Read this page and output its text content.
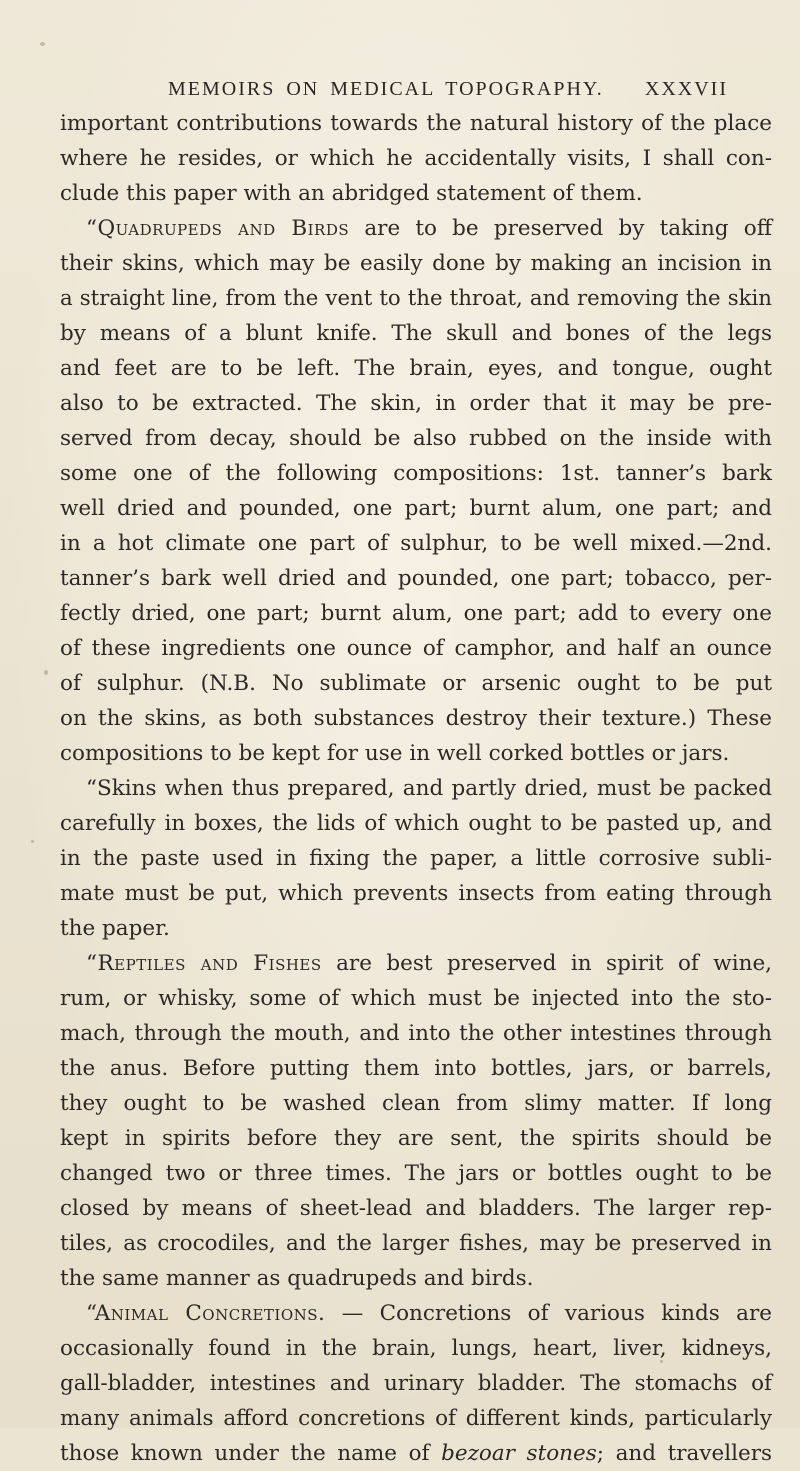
MEMOIRS ON MEDICAL TOPOGRAPHY. XXXVII
important contributions towards the natural history of the place
where he resides, or which he accidentally visits, I shall con-
clude this paper with an abridged statement of them.
“Quadrupeds and Birds are to be preserved by taking off
their skins, which may be easily done by making an incision in
a straight line, from the vent to the throat, and removing the skin
by means of a blunt knife. The skull and bones of the legs
and feet are to be left. The brain, eyes, and tongue, ought
also to be extracted. The skin, in order that it may be pre-
served from decay, should be also rubbed on the inside with
some one of the following compositions: 1st. tanner’s bark
well dried and pounded, one part; burnt alum, one part; and
in a hot climate one part of sulphur, to be well mixed.—2nd.
tanner’s bark well dried and pounded, one part; tobacco, per-
fectly dried, one part; burnt alum, one part; add to every one
of these ingredients one ounce of camphor, and half an ounce
of sulphur. (N.B. No sublimate or arsenic ought to be put
on the skins, as both substances destroy their texture.) These
compositions to be kept for use in well corked bottles or jars.
“Skins when thus prepared, and partly dried, must be packed
carefully in boxes, the lids of which ought to be pasted up, and
in the paste used in fixing the paper, a little corrosive subli-
mate must be put, which prevents insects from eating through
the paper.
“Reptiles and Fishes are best preserved in spirit of wine,
rum, or whisky, some of which must be injected into the sto-
mach, through the mouth, and into the other intestines through
the anus. Before putting them into bottles, jars, or barrels,
they ought to be washed clean from slimy matter. If long
kept in spirits before they are sent, the spirits should be
changed two or three times. The jars or bottles ought to be
closed by means of sheet-lead and bladders. The larger rep-
tiles, as crocodiles, and the larger fishes, may be preserved in
the same manner as quadrupeds and birds.
“Animal Concretions. — Concretions of various kinds are
occasionally found in the brain, lungs, heart, liver, kidneys,
gall-bladder, intestines and urinary bladder. The stomachs of
many animals afford concretions of different kinds, particularly
those known under the name of bezoar stones; and travellers
